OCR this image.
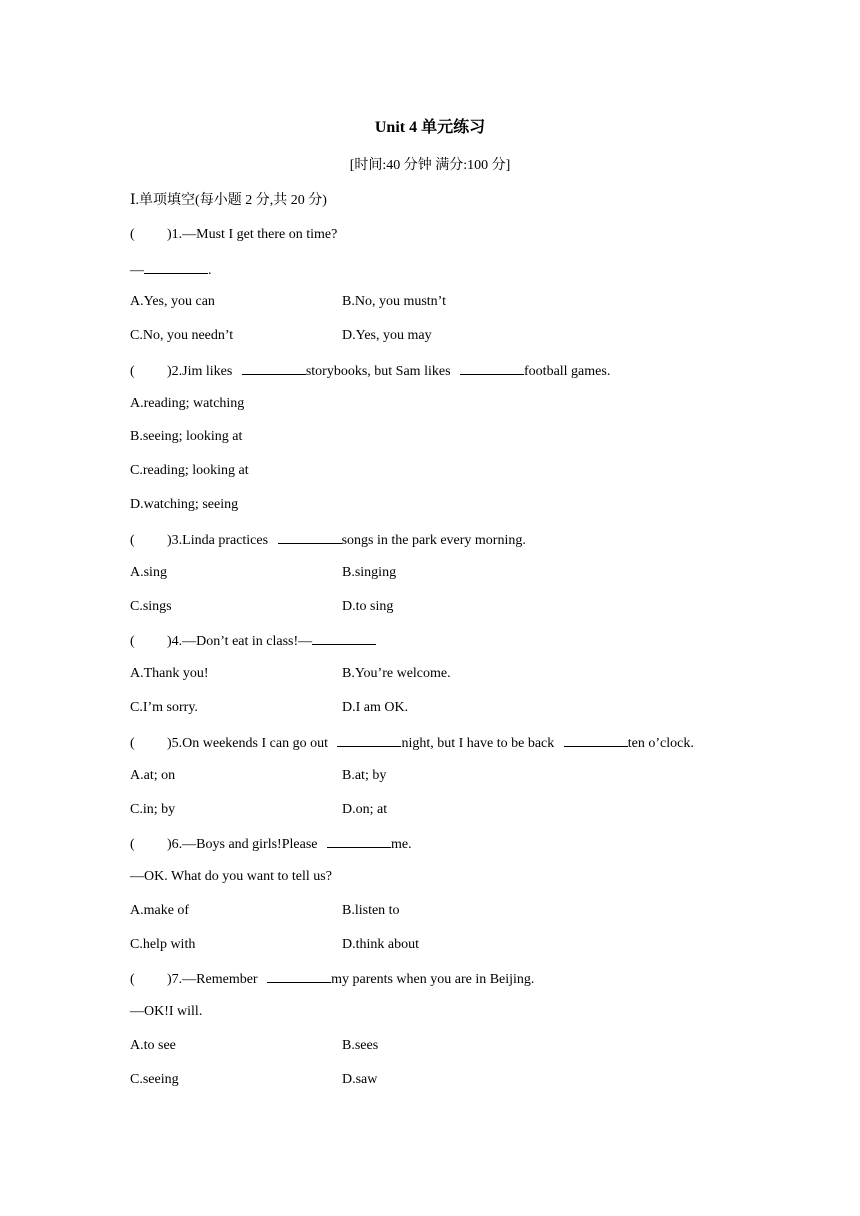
Unit 4 单元练习
[时间:40 分钟 满分:100 分]
Ⅰ.单项填空(每小题 2 分,共 20 分)
( )1.—Must I get there on time?
—	.
A.Yes, you can	B.No, you mustn’t
C.No, you needn’t	D.Yes, you may
( )2.Jim likes	storybooks, but Sam likes	football games.
A.reading; watching
B.seeing; looking at
C.reading; looking at
D.watching; seeing
( )3.Linda practices	songs in the park every morning.
A.sing	B.singing
C.sings	D.to sing
( )4.—Don’t eat in class!—
A.Thank you!	B.You’re welcome.
C.I’m sorry.	D.I am OK.
( )5.On weekends I can go out	night, but I have to be back	ten o’clock.
A.at; on	B.at; by
C.in; by	D.on; at
( )6.—Boys and girls!Please	me.
—OK. What do you want to tell us?
A.make of	B.listen to
C.help with	D.think about
( )7.—Remember	my parents when you are in Beijing.
—OK!I will.
A.to see	B.sees
C.seeing	D.saw
